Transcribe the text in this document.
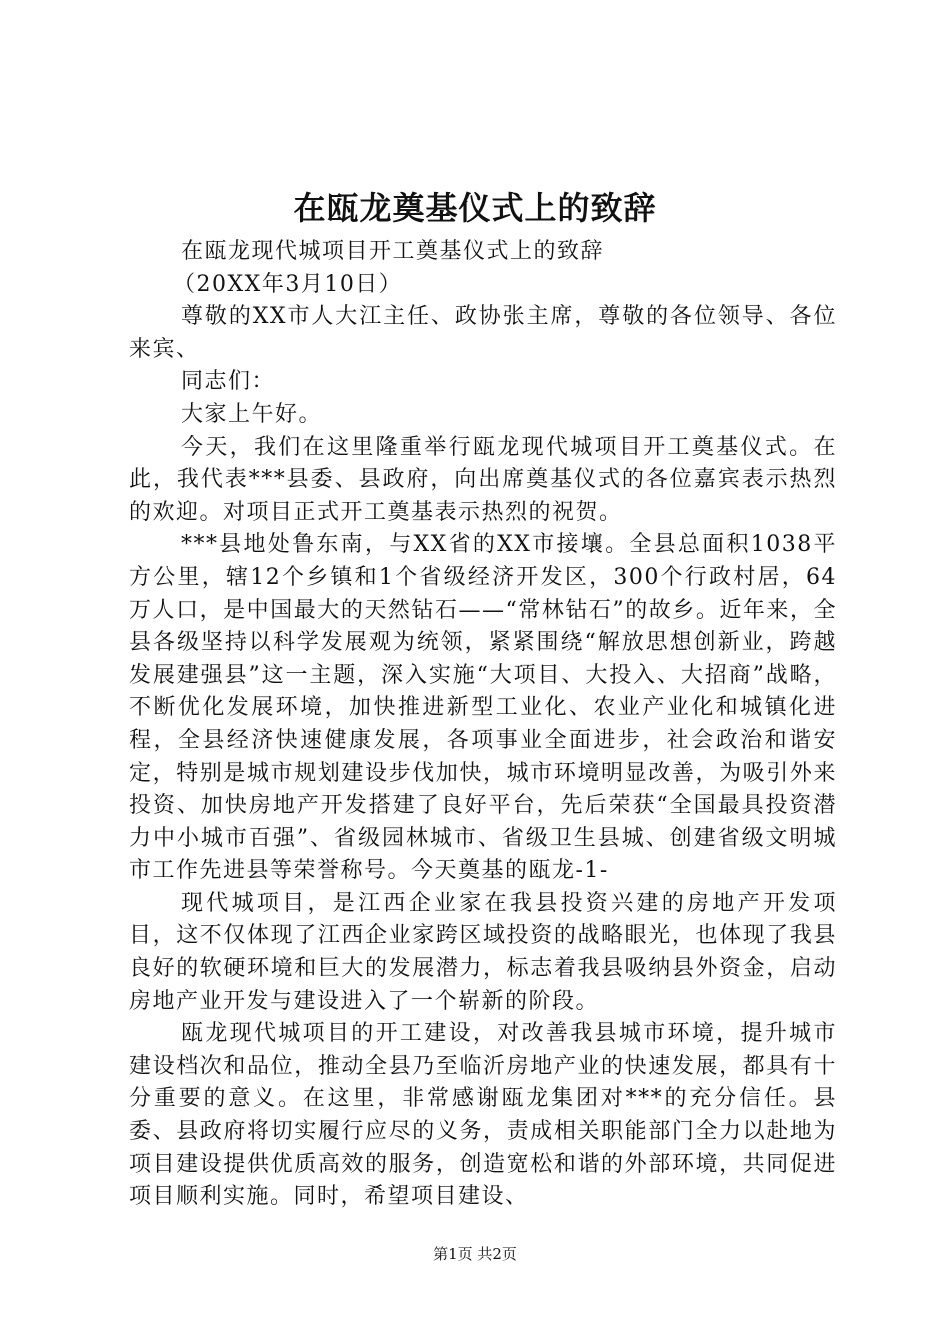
在瓯龙奠基仪式上的致辞

在瓯龙现代城项目开工奠基仪式上的致辞

（20XX年3月10日）

尊敬的XX市人大江主任、政协张主席，尊敬的各位领导、各位来宾、

同志们：

大家上午好。

今天，我们在这里隆重举行瓯龙现代城项目开工奠基仪式。在此，我代表***县委、县政府，向出席奠基仪式的各位嘉宾表示热烈的欢迎。对项目正式开工奠基表示热烈的祝贺。

***县地处鲁东南，与XX省的XX市接壤。全县总面积1038平方公里，辖12个乡镇和1个省级经济开发区，300个行政村居，64万人口，是中国最大的天然钻石——“常林钻石”的故乡。近年来，全县各级坚持以科学发展观为统领，紧紧围绕“解放思想创新业，跨越发展建强县”这一主题，深入实施“大项目、大投入、大招商”战略，不断优化发展环境，加快推进新型工业化、农业产业化和城镇化进程，全县经济快速健康发展，各项事业全面进步，社会政治和谐安定，特别是城市规划建设步伐加快，城市环境明显改善，为吸引外来投资、加快房地产开发搭建了良好平台，先后荣获“全国最具投资潜力中小城市百强”、省级园林城市、省级卫生县城、创建省级文明城市工作先进县等荣誉称号。今天奠基的瓯龙-1-

现代城项目，是江西企业家在我县投资兴建的房地产开发项目，这不仅体现了江西企业家跨区域投资的战略眼光，也体现了我县良好的软硬环境和巨大的发展潜力，标志着我县吸纳县外资金，启动房地产业开发与建设进入了一个崭新的阶段。

瓯龙现代城项目的开工建设，对改善我县城市环境，提升城市建设档次和品位，推动全县乃至临沂房地产业的快速发展，都具有十分重要的意义。在这里，非常感谢瓯龙集团对***的充分信任。县委、县政府将切实履行应尽的义务，责成相关职能部门全力以赴地为项目建设提供优质高效的服务，创造宽松和谐的外部环境，共同促进项目顺利实施。同时，希望项目建设、

第1页 共2页
